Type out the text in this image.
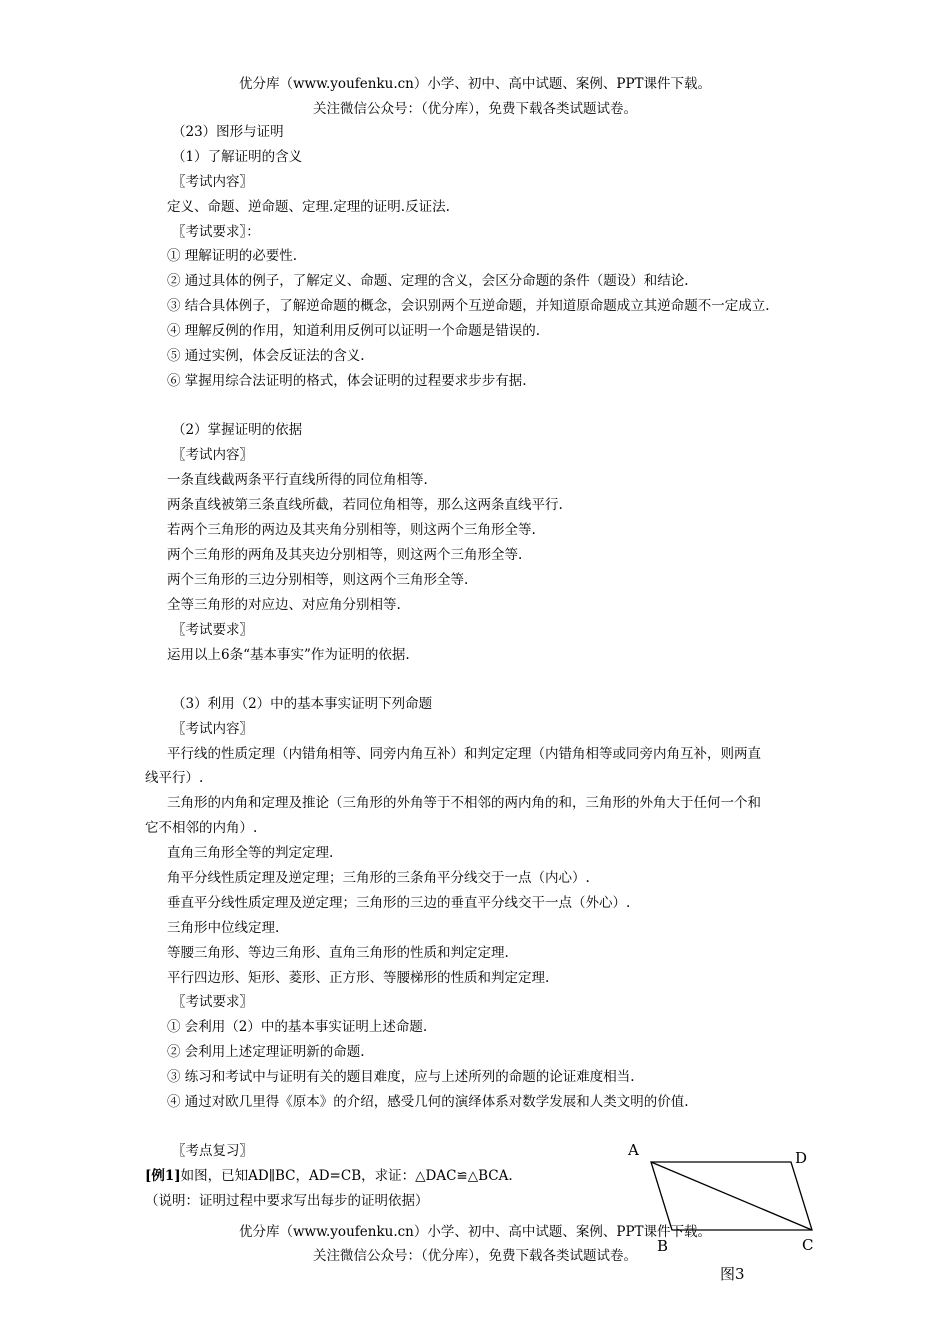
优分库（www.youfenku.cn）小学、初中、高中试题、案例、PPT课件下载。
关注微信公众号：（优分库），免费下载各类试题试卷。
（23）图形与证明
（1）了解证明的含义
〖考试内容〗
定义、命题、逆命题、定理.定理的证明.反证法.
〖考试要求〗：
① 理解证明的必要性.
② 通过具体的例子，了解定义、命题、定理的含义，会区分命题的条件（题设）和结论.
③ 结合具体例子，了解逆命题的概念，会识别两个互逆命题，并知道原命题成立其逆命题不一定成立.
④ 理解反例的作用，知道利用反例可以证明一个命题是错误的.
⑤ 通过实例，体会反证法的含义.
⑥ 掌握用综合法证明的格式，体会证明的过程要求步步有据.
（2）掌握证明的依据
〖考试内容〗
一条直线截两条平行直线所得的同位角相等.
两条直线被第三条直线所截，若同位角相等，那么这两条直线平行.
若两个三角形的两边及其夹角分别相等，则这两个三角形全等.
两个三角形的两角及其夹边分别相等，则这两个三角形全等.
两个三角形的三边分别相等，则这两个三角形全等.
全等三角形的对应边、对应角分别相等.
〖考试要求〗
运用以上6条“基本事实”作为证明的依据.
（3）利用（2）中的基本事实证明下列命题
〖考试内容〗
平行线的性质定理（内错角相等、同旁内角互补）和判定定理（内错角相等或同旁内角互补，则两直
线平行）.
三角形的内角和定理及推论（三角形的外角等于不相邻的两内角的和，三角形的外角大于任何一个和
它不相邻的内角）.
直角三角形全等的判定定理.
角平分线性质定理及逆定理；三角形的三条角平分线交于一点（内心）.
垂直平分线性质定理及逆定理；三角形的三边的垂直平分线交干一点（外心）.
三角形中位线定理.
等腰三角形、等边三角形、直角三角形的性质和判定定理.
平行四边形、矩形、菱形、正方形、等腰梯形的性质和判定定理.
〖考试要求〗
① 会利用（2）中的基本事实证明上述命题.
② 会利用上述定理证明新的命题.
③ 练习和考试中与证明有关的题目难度，应与上述所列的命题的论证难度相当.
④ 通过对欧几里得《原本》的介绍，感受几何的演绎体系对数学发展和人类文明的价值.
〖考点复习〗
[例1]如图，已知AD∥BC，AD=CB，求证：△DAC≌△BCA.
（说明：证明过程中要求写出每步的证明依据）
A	D
B	C
图3
优分库（www.youfenku.cn）小学、初中、高中试题、案例、PPT课件下载。
关注微信公众号：（优分库），免费下载各类试题试卷。
